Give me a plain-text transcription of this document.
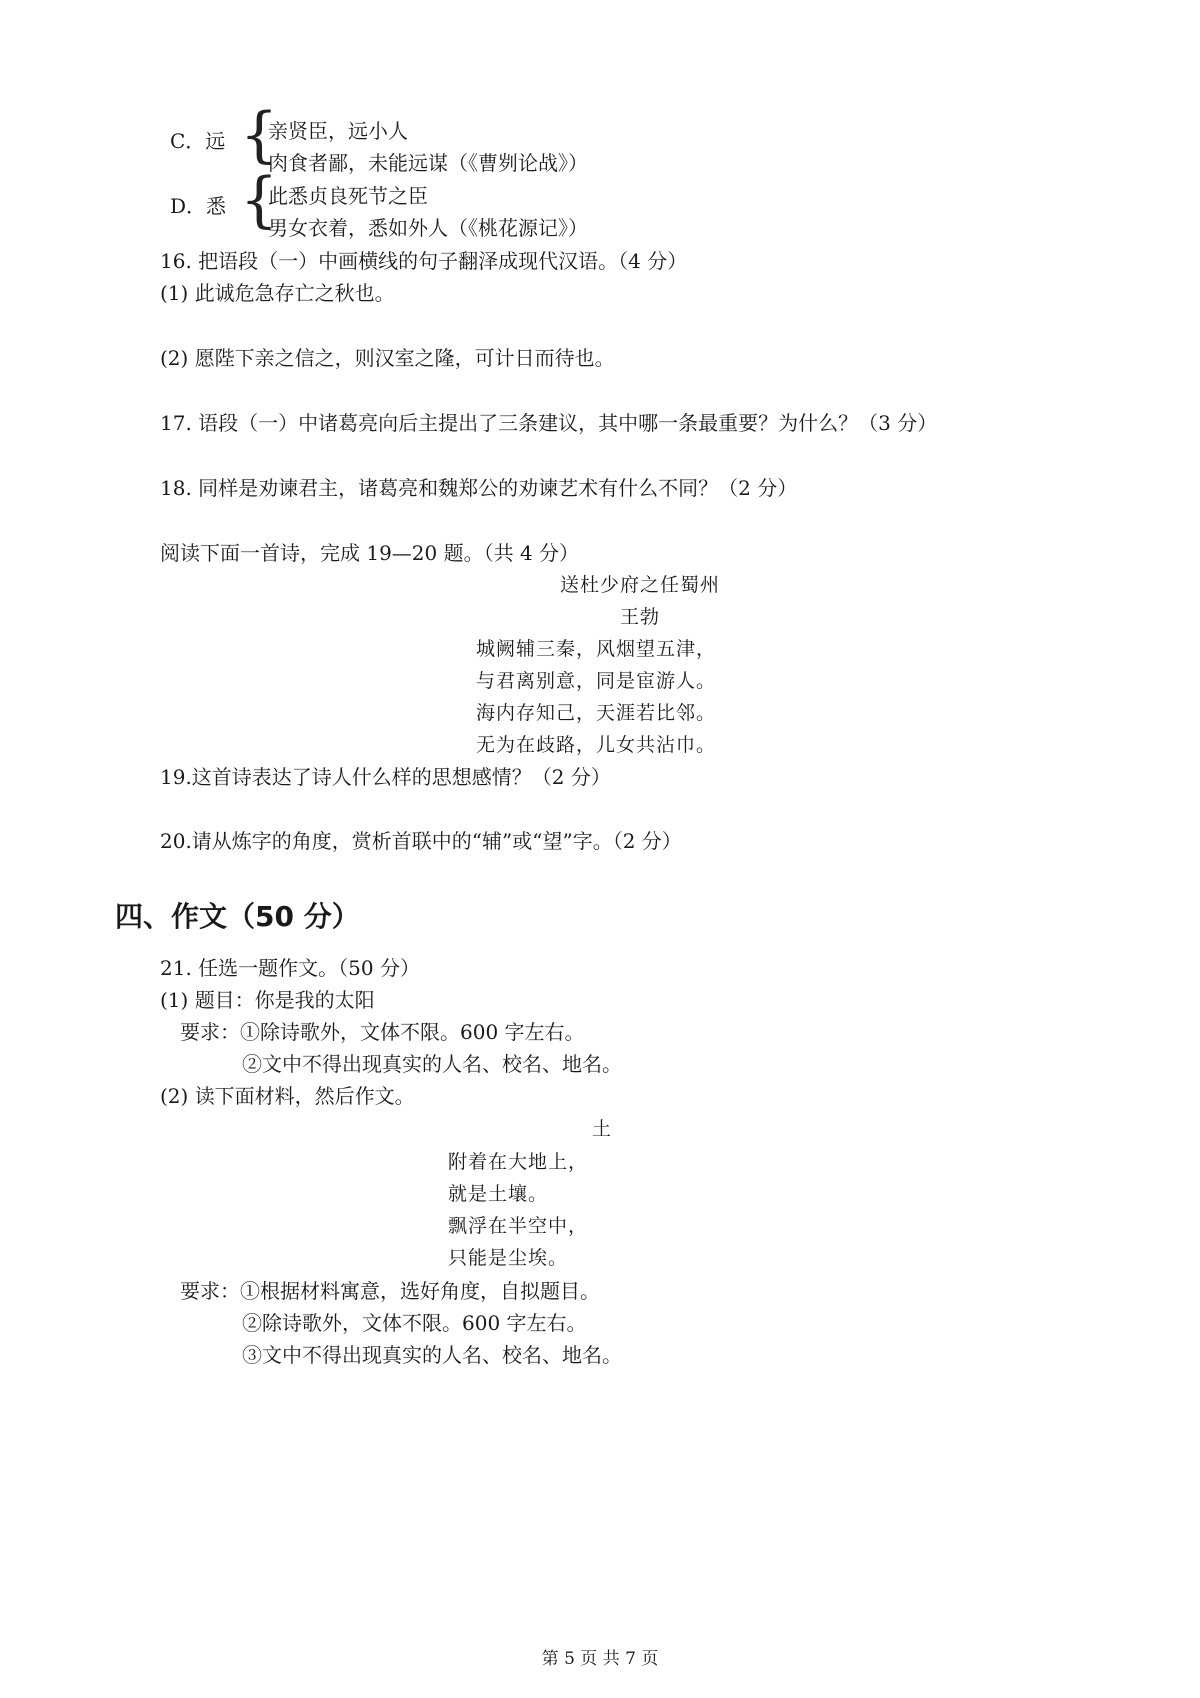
C．远 {
亲贤臣，远小人
肉食者鄙，未能远谋（《曹刿论战》）
D．悉 {
此悉贞良死节之臣
男女衣着，悉如外人（《桃花源记》）
16. 把语段（一）中画横线的句子翻泽成现代汉语。（4 分）
(1) 此诚危急存亡之秋也。
(2) 愿陛下亲之信之，则汉室之隆，可计日而待也。
17. 语段（一）中诸葛亮向后主提出了三条建议，其中哪一条最重要？为什么？（3 分）
18. 同样是劝谏君主，诸葛亮和魏郑公的劝谏艺术有什么不同？（2 分）
阅读下面一首诗，完成 19—20 题。（共 4 分）
送杜少府之任蜀州
王勃
城阙辅三秦，风烟望五津，
与君离别意，同是宦游人。
海内存知己，天涯若比邻。
无为在歧路，儿女共沾巾。
19.这首诗表达了诗人什么样的思想感情？（2 分）
20.请从炼字的角度，赏析首联中的“辅”或“望”字。（2 分）
四、作文（50 分）
21. 任选一题作文。（50 分）
(1) 题目：你是我的太阳
要求：①除诗歌外，文体不限。600 字左右。
②文中不得出现真实的人名、校名、地名。
(2) 读下面材料，然后作文。
土
附着在大地上，
就是土壤。
飘浮在半空中，
只能是尘埃。
要求：①根据材料寓意，选好角度，自拟题目。
②除诗歌外，文体不限。600 字左右。
③文中不得出现真实的人名、校名、地名。
第 5 页 共 7 页
